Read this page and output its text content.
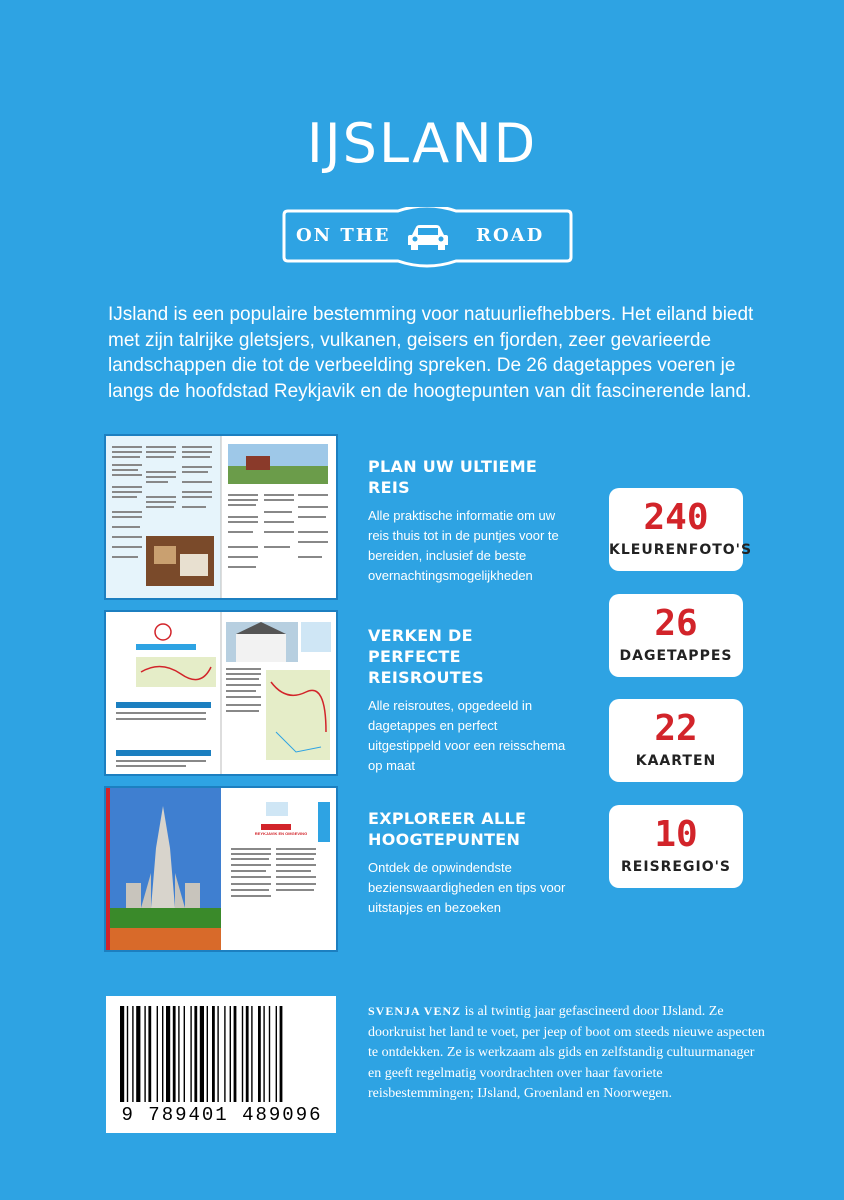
IJSLAND
ON THE	ROAD
IJsland is een populaire bestemming voor natuurliefhebbers. Het eiland biedt met zijn talrijke gletsjers, vulkanen, geisers en fjorden, zeer gevarieerde landschappen die tot de verbeelding spreken. De 26 dagetappes voeren je langs de hoofdstad Reykjavik en de hoogtepunten van dit fascinerende land.
REYKJAVIK EN OMGEVING
PLAN UW ULTIEME REIS

Alle praktische informatie om uw reis thuis tot in de puntjes voor te bereiden, inclusief de beste overnachtingsmogelijkheden

VERKEN DE PERFECTE REISROUTES

Alle reisroutes, opgedeeld in dagetappes en perfect uitgestippeld voor een reisschema op maat

EXPLOREER ALLE HOOGTEPUNTEN

Ontdek de opwindendste bezienswaardigheden en tips voor uitstapjes en bezoeken

240
KLEURENFOTO'S
26
DAGETAPPES
22
KAARTEN
10
REISREGIO'S
9 789401 489096
SVENJA VENZ is al twintig jaar gefascineerd door IJsland. Ze doorkruist het land te voet, per jeep of boot om steeds nieuwe aspecten te ontdekken. Ze is werkzaam als gids en zelfstandig cultuurmanager en geeft regelmatig voordrachten over haar favoriete reisbestemmingen; IJsland, Groenland en Noorwegen.
